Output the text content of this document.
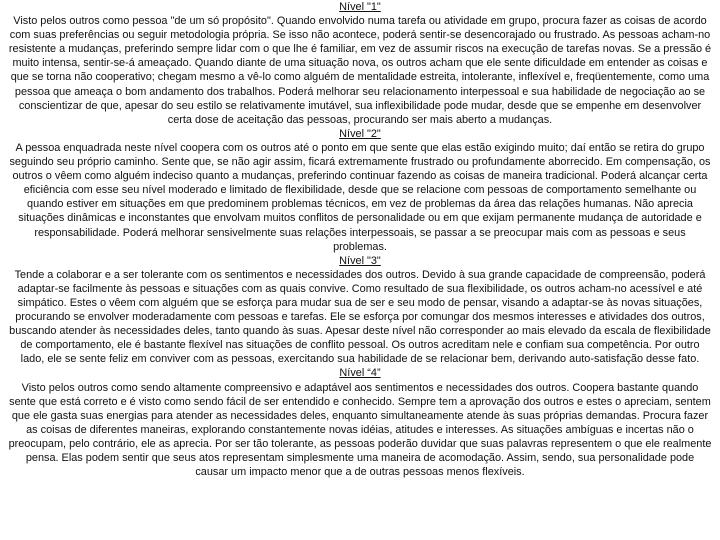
Nível "1"

Visto pelos outros como pessoa "de um só propósito". Quando envolvido numa tarefa ou atividade em grupo, procura fazer as coisas de acordo com suas preferências ou seguir metodologia própria. Se isso não acontece, poderá sentir-se desencorajado ou frustrado. As pessoas acham-no resistente a mudanças, preferindo sempre lidar com o que lhe é familiar, em vez de assumir riscos na execução de tarefas novas. Se a pressão é muito intensa, sentir-se-á ameaçado. Quando diante de uma situação nova, os outros acham que ele sente dificuldade em entender as coisas e que se torna não cooperativo; chegam mesmo a vê-lo como alguém de mentalidade estreita, intolerante, inflexível e, freqüentemente, como uma pessoa que ameaça o bom andamento dos trabalhos. Poderá melhorar seu relacionamento interpessoal e sua habilidade de negociação ao se conscientizar de que, apesar do seu estilo se relativamente imutável, sua inflexibilidade pode mudar, desde que se empenhe em desenvolver certa dose de aceitação das pessoas, procurando ser mais aberto a mudanças.

Nível "2"

A pessoa enquadrada neste nível coopera com os outros até o ponto em que sente que elas estão exigindo muito; daí então se retira do grupo seguindo seu próprio caminho. Sente que, se não agir assim, ficará extremamente frustrado ou profundamente aborrecido. Em compensação, os outros o vêem como alguém indeciso quanto a mudanças, preferindo continuar fazendo as coisas de maneira tradicional. Poderá alcançar certa eficiência com esse seu nível moderado e limitado de flexibilidade, desde que se relacione com pessoas de comportamento semelhante ou quando estiver em situações em que predominem problemas técnicos, em vez de problemas da área das relações humanas. Não aprecia situações dinâmicas e inconstantes que envolvam muitos conflitos de personalidade ou em que exijam permanente mudança de autoridade e responsabilidade. Poderá melhorar sensivelmente suas relações interpessoais, se passar a se preocupar mais com as pessoas e seus problemas.

Nível "3"

Tende a colaborar e a ser tolerante com os sentimentos e necessidades dos outros. Devido à sua grande capacidade de compreensão, poderá adaptar-se facilmente às pessoas e situações com as quais convive. Como resultado de sua flexibilidade, os outros acham-no acessível e até simpático. Estes o vêem com alguém que se esforça para mudar sua de ser e seu modo de pensar, visando a adaptar-se às novas situações, procurando se envolver moderadamente com pessoas e tarefas. Ele se esforça por comungar dos mesmos interesses e atividades dos outros, buscando atender às necessidades deles, tanto quando às suas. Apesar deste nível não corresponder ao mais elevado da escala de flexibilidade de comportamento, ele é bastante flexível nas situações de conflito pessoal. Os outros acreditam nele e confiam sua competência. Por outro lado, ele se sente feliz em conviver com as pessoas, exercitando sua habilidade de se relacionar bem, derivando auto-satisfação desse fato.

Nível “4”

Visto pelos outros como sendo altamente compreensivo e adaptável aos sentimentos e necessidades dos outros. Coopera bastante quando sente que está correto e é visto como sendo fácil de ser entendido e conhecido. Sempre tem a aprovação dos outros e estes o apreciam, sentem que ele gasta suas energias para atender as necessidades deles, enquanto simultaneamente atende às suas próprias demandas. Procura fazer as coisas de diferentes maneiras, explorando constantemente novas idéias, atitudes e interesses. As situações ambíguas e incertas não o preocupam, pelo contrário, ele as aprecia. Por ser tão tolerante, as pessoas poderão duvidar que suas palavras representem o que ele realmente pensa. Elas podem sentir que seus atos representam simplesmente uma maneira de acomodação. Assim, sendo, sua personalidade pode causar um impacto menor que a de outras pessoas menos flexíveis.
